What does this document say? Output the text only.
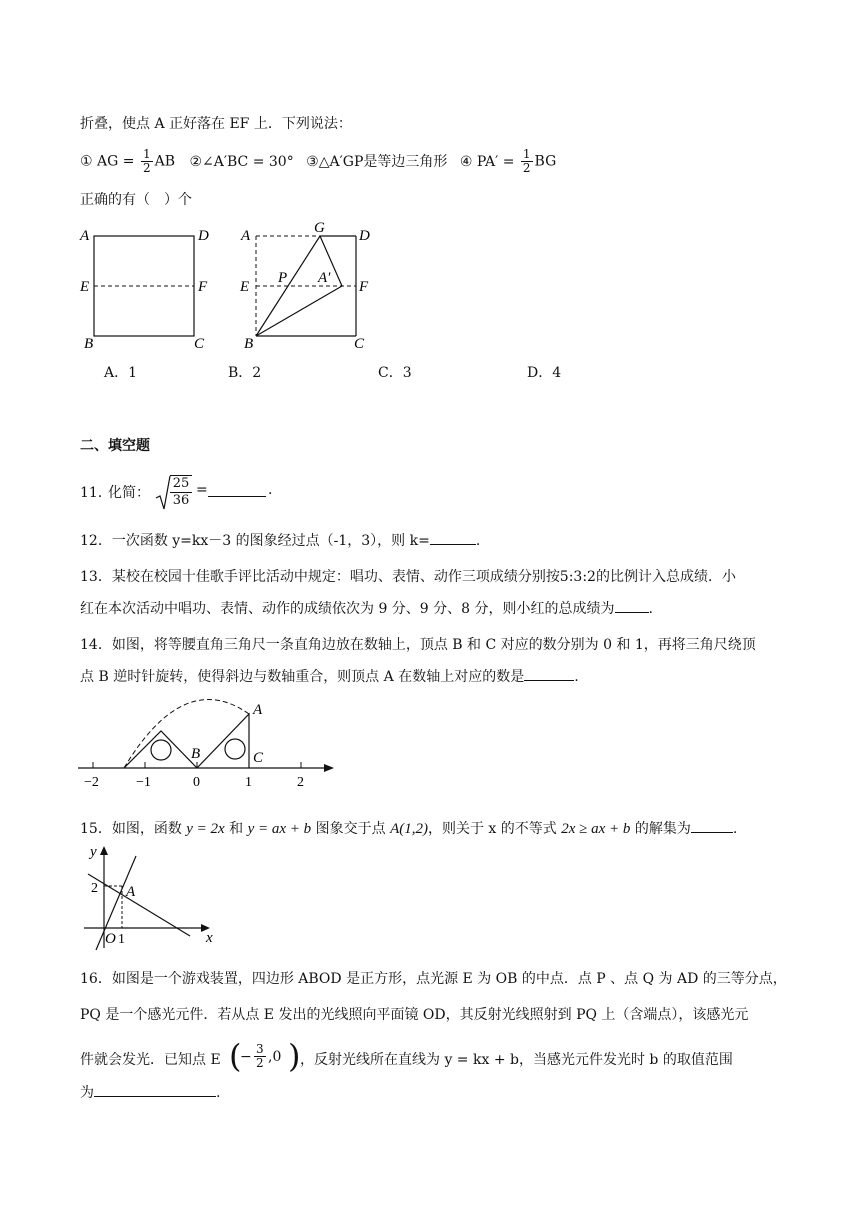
折叠，使点 A 正好落在 EF 上．下列说法：
① AG = $\frac{1}{2}$ AB ②∠A′BC = 30° ③△A′GP是等边三角形 ④ $PA' = \frac{1}{2}$ BG
正确的有（　）个
A	D
E	F
B	C
A	G D
P A′
E	F
B	C
A．1	B．2	C．3	D．4
二、填空题
11．
化简： $\frac{25}{36}$ =	.
12．一次函数 y=kx－3 的图象经过点（-1，3），则 k=	.
13．某校在校园十佳歌手评比活动中规定：唱功、表情、动作三项成绩分别按5:3:2的比例计入总成绩．小
红在本次活动中唱功、表情、动作的成绩依次为 9 分、9 分、8 分，则小红的总成绩为 .
14．如图，将等腰直角三角尺一条直角边放在数轴上，顶点 B 和 C 对应的数分别为 0 和 1，再将三角尺绕顶
点 B 逆时针旋转，使得斜边与数轴重合，则顶点 A 在数轴上对应的数是	.
−2	−1	0	1	2
A
B	C
15．如图，函数 y = 2x 和 y = ax + b 图象交于点 A(1,2)，则关于 x 的不等式 2x ≥ ax + b 的解集为	.
y
2 A
O 1	x
16．如图是一个游戏装置，四边形 ABOD 是正方形，点光源 E 为 OB 的中点．点 P 、点 Q 为 AD 的三等分点，
PQ 是一个感光元件．若从点 E 发出的光线照向平面镜 OD，其反射光线照射到 PQ 上（含端点），该感光元
件就会发光．已知点 E (
− $\frac{3}{2} ,0$ ) ，反射光线所在直线为 y = kx + b，当感光元件发光时 b 的取值范围
为	.
